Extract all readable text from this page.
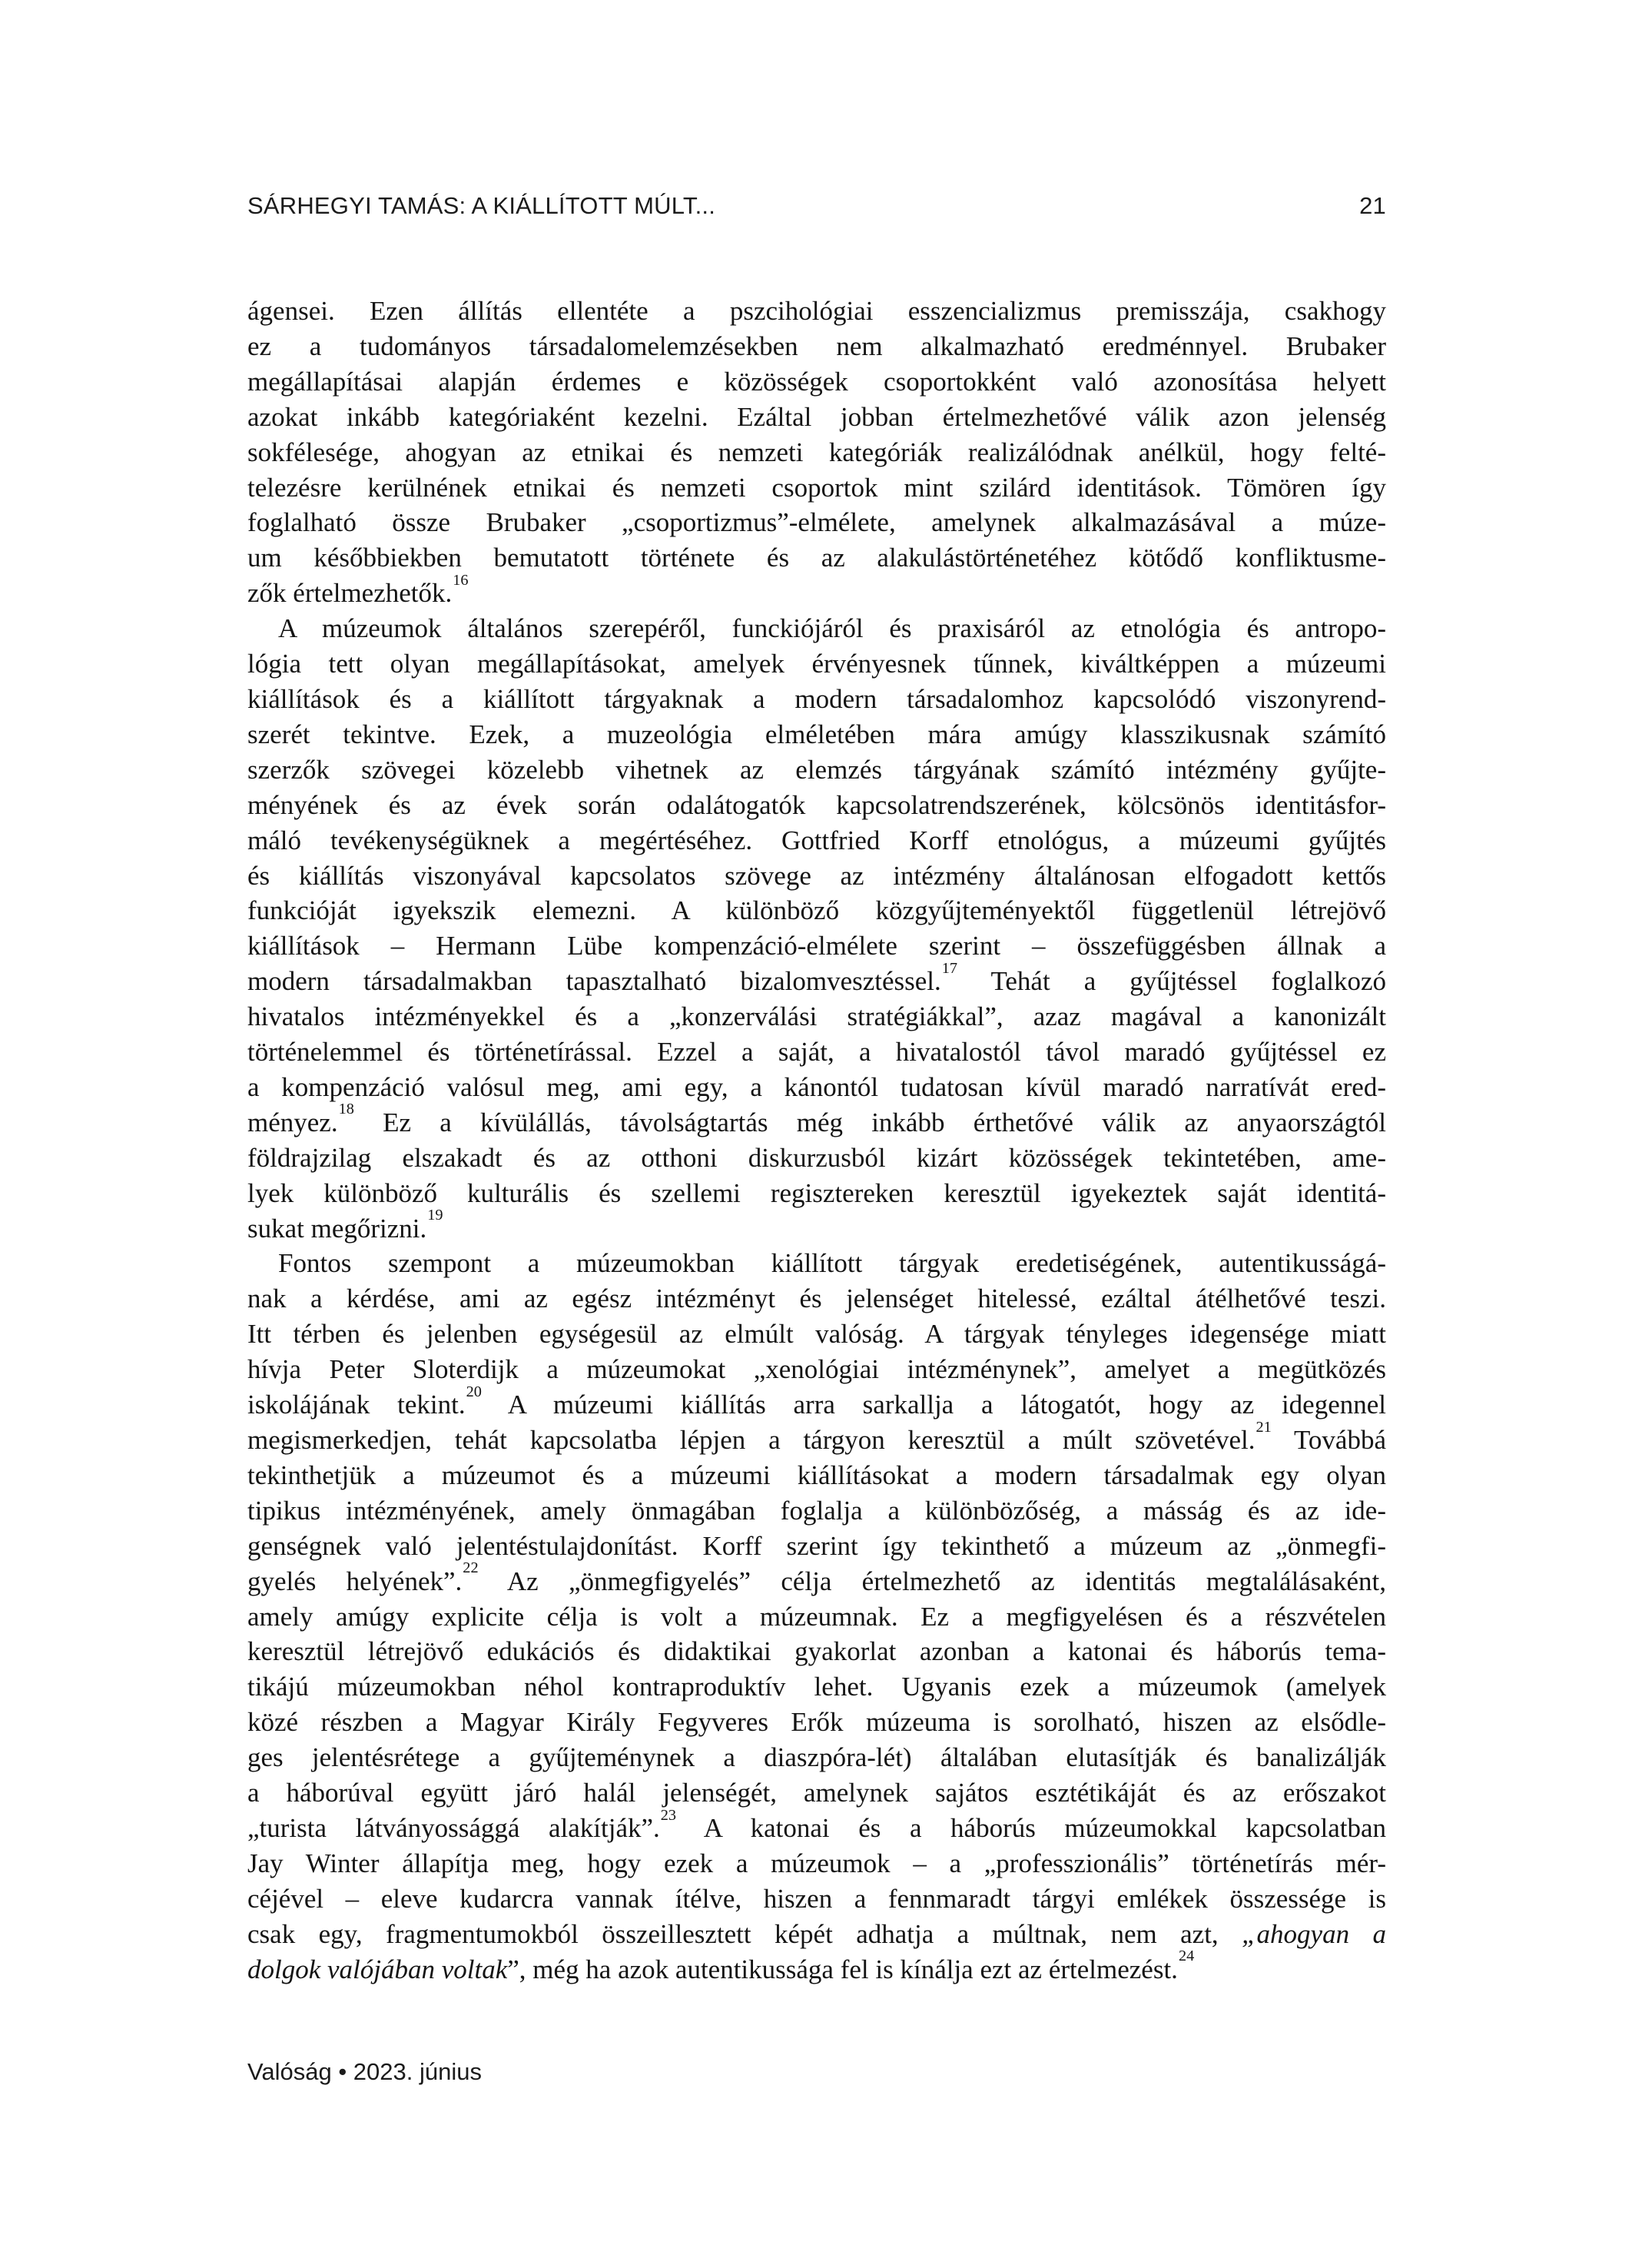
SÁRHEGYI TAMÁS: A KIÁLLÍTOTT MÚLT...	21
ágensei. Ezen állítás ellentéte a pszcihológiai esszencializmus premisszája, csakhogy
ez a tudományos társadalomelemzésekben nem alkalmazható eredménnyel. Brubaker
megállapításai alapján érdemes e közösségek csoportokként való azonosítása helyett
azokat inkább kategóriaként kezelni. Ezáltal jobban értelmezhetővé válik azon jelenség
sokfélesége, ahogyan az etnikai és nemzeti kategóriák realizálódnak anélkül, hogy felté-
telezésre kerülnének etnikai és nemzeti csoportok mint szilárd identitások. Tömören így
foglalható össze Brubaker „csoportizmus”-elmélete, amelynek alkalmazásával a múze-
um későbbiekben bemutatott története és az alakulástörténetéhez kötődő konfliktusme-
zők értelmezhetők.$^{16}$
A múzeumok általános szerepéről, funckiójáról és praxisáról az etnológia és antropo-
lógia tett olyan megállapításokat, amelyek érvényesnek tűnnek, kiváltképpen a múzeumi
kiállítások és a kiállított tárgyaknak a modern társadalomhoz kapcsolódó viszonyrend-
szerét tekintve. Ezek, a muzeológia elméletében mára amúgy klasszikusnak számító
szerzők szövegei közelebb vihetnek az elemzés tárgyának számító intézmény gyűjte-
ményének és az évek során odalátogatók kapcsolatrendszerének, kölcsönös identitásfor-
máló tevékenységüknek a megértéséhez. Gottfried Korff etnológus, a múzeumi gyűjtés
és kiállítás viszonyával kapcsolatos szövege az intézmény általánosan elfogadott kettős
funkcióját igyekszik elemezni. A különböző közgyűjteményektől függetlenül létrejövő
kiállítások – Hermann Lübe kompenzáció-elmélete szerint – összefüggésben állnak a
modern társadalmakban tapasztalható bizalomvesztéssel.$^{17}$ Tehát a gyűjtéssel foglalkozó
hivatalos intézményekkel és a „konzerválási stratégiákkal”, azaz magával a kanonizált
történelemmel és történetírással. Ezzel a saját, a hivatalostól távol maradó gyűjtéssel ez
a kompenzáció valósul meg, ami egy, a kánontól tudatosan kívül maradó narratívát ered-
ményez.$^{18}$ Ez a kívülállás, távolságtartás még inkább érthetővé válik az anyaországtól
földrajzilag elszakadt és az otthoni diskurzusból kizárt közösségek tekintetében, ame-
lyek különböző kulturális és szellemi regisztereken keresztül igyekeztek saját identitá-
sukat megőrizni.$^{19}$
Fontos szempont a múzeumokban kiállított tárgyak eredetiségének, autentikusságá-
nak a kérdése, ami az egész intézményt és jelenséget hitelessé, ezáltal átélhetővé teszi.
Itt térben és jelenben egységesül az elmúlt valóság. A tárgyak tényleges idegensége miatt
hívja Peter Sloterdijk a múzeumokat „xenológiai intézménynek”, amelyet a megütközés
iskolájának tekint.$^{20}$ A múzeumi kiállítás arra sarkallja a látogatót, hogy az idegennel
megismerkedjen, tehát kapcsolatba lépjen a tárgyon keresztül a múlt szövetével.$^{21}$ Továbbá
tekinthetjük a múzeumot és a múzeumi kiállításokat a modern társadalmak egy olyan
tipikus intézményének, amely önmagában foglalja a különbözőség, a másság és az ide-
genségnek való jelentéstulajdonítást. Korff szerint így tekinthető a múzeum az „önmegfi-
gyelés helyének”.$^{22}$ Az „önmegfigyelés” célja értelmezhető az identitás megtalálásaként,
amely amúgy explicite célja is volt a múzeumnak. Ez a megfigyelésen és a részvételen
keresztül létrejövő edukációs és didaktikai gyakorlat azonban a katonai és háborús tema-
tikájú múzeumokban néhol kontraproduktív lehet. Ugyanis ezek a múzeumok (amelyek
közé részben a Magyar Király Fegyveres Erők múzeuma is sorolható, hiszen az elsődle-
ges jelentésrétege a gyűjteménynek a diaszpóra-lét) általában elutasítják és banalizálják
a háborúval együtt járó halál jelenségét, amelynek sajátos esztétikáját és az erőszakot
„turista látványossággá alakítják”.$^{23}$ A katonai és a háborús múzeumokkal kapcsolatban
Jay Winter állapítja meg, hogy ezek a múzeumok – a „professzionális” történetírás mér-
céjével – eleve kudarcra vannak ítélve, hiszen a fennmaradt tárgyi emlékek összessége is
csak egy, fragmentumokból összeillesztett képét adhatja a múltnak, nem azt, „ahogyan a
dolgok valójában voltak”, még ha azok autentikussága fel is kínálja ezt az értelmezést.$^{24}$
Valóság • 2023. június
